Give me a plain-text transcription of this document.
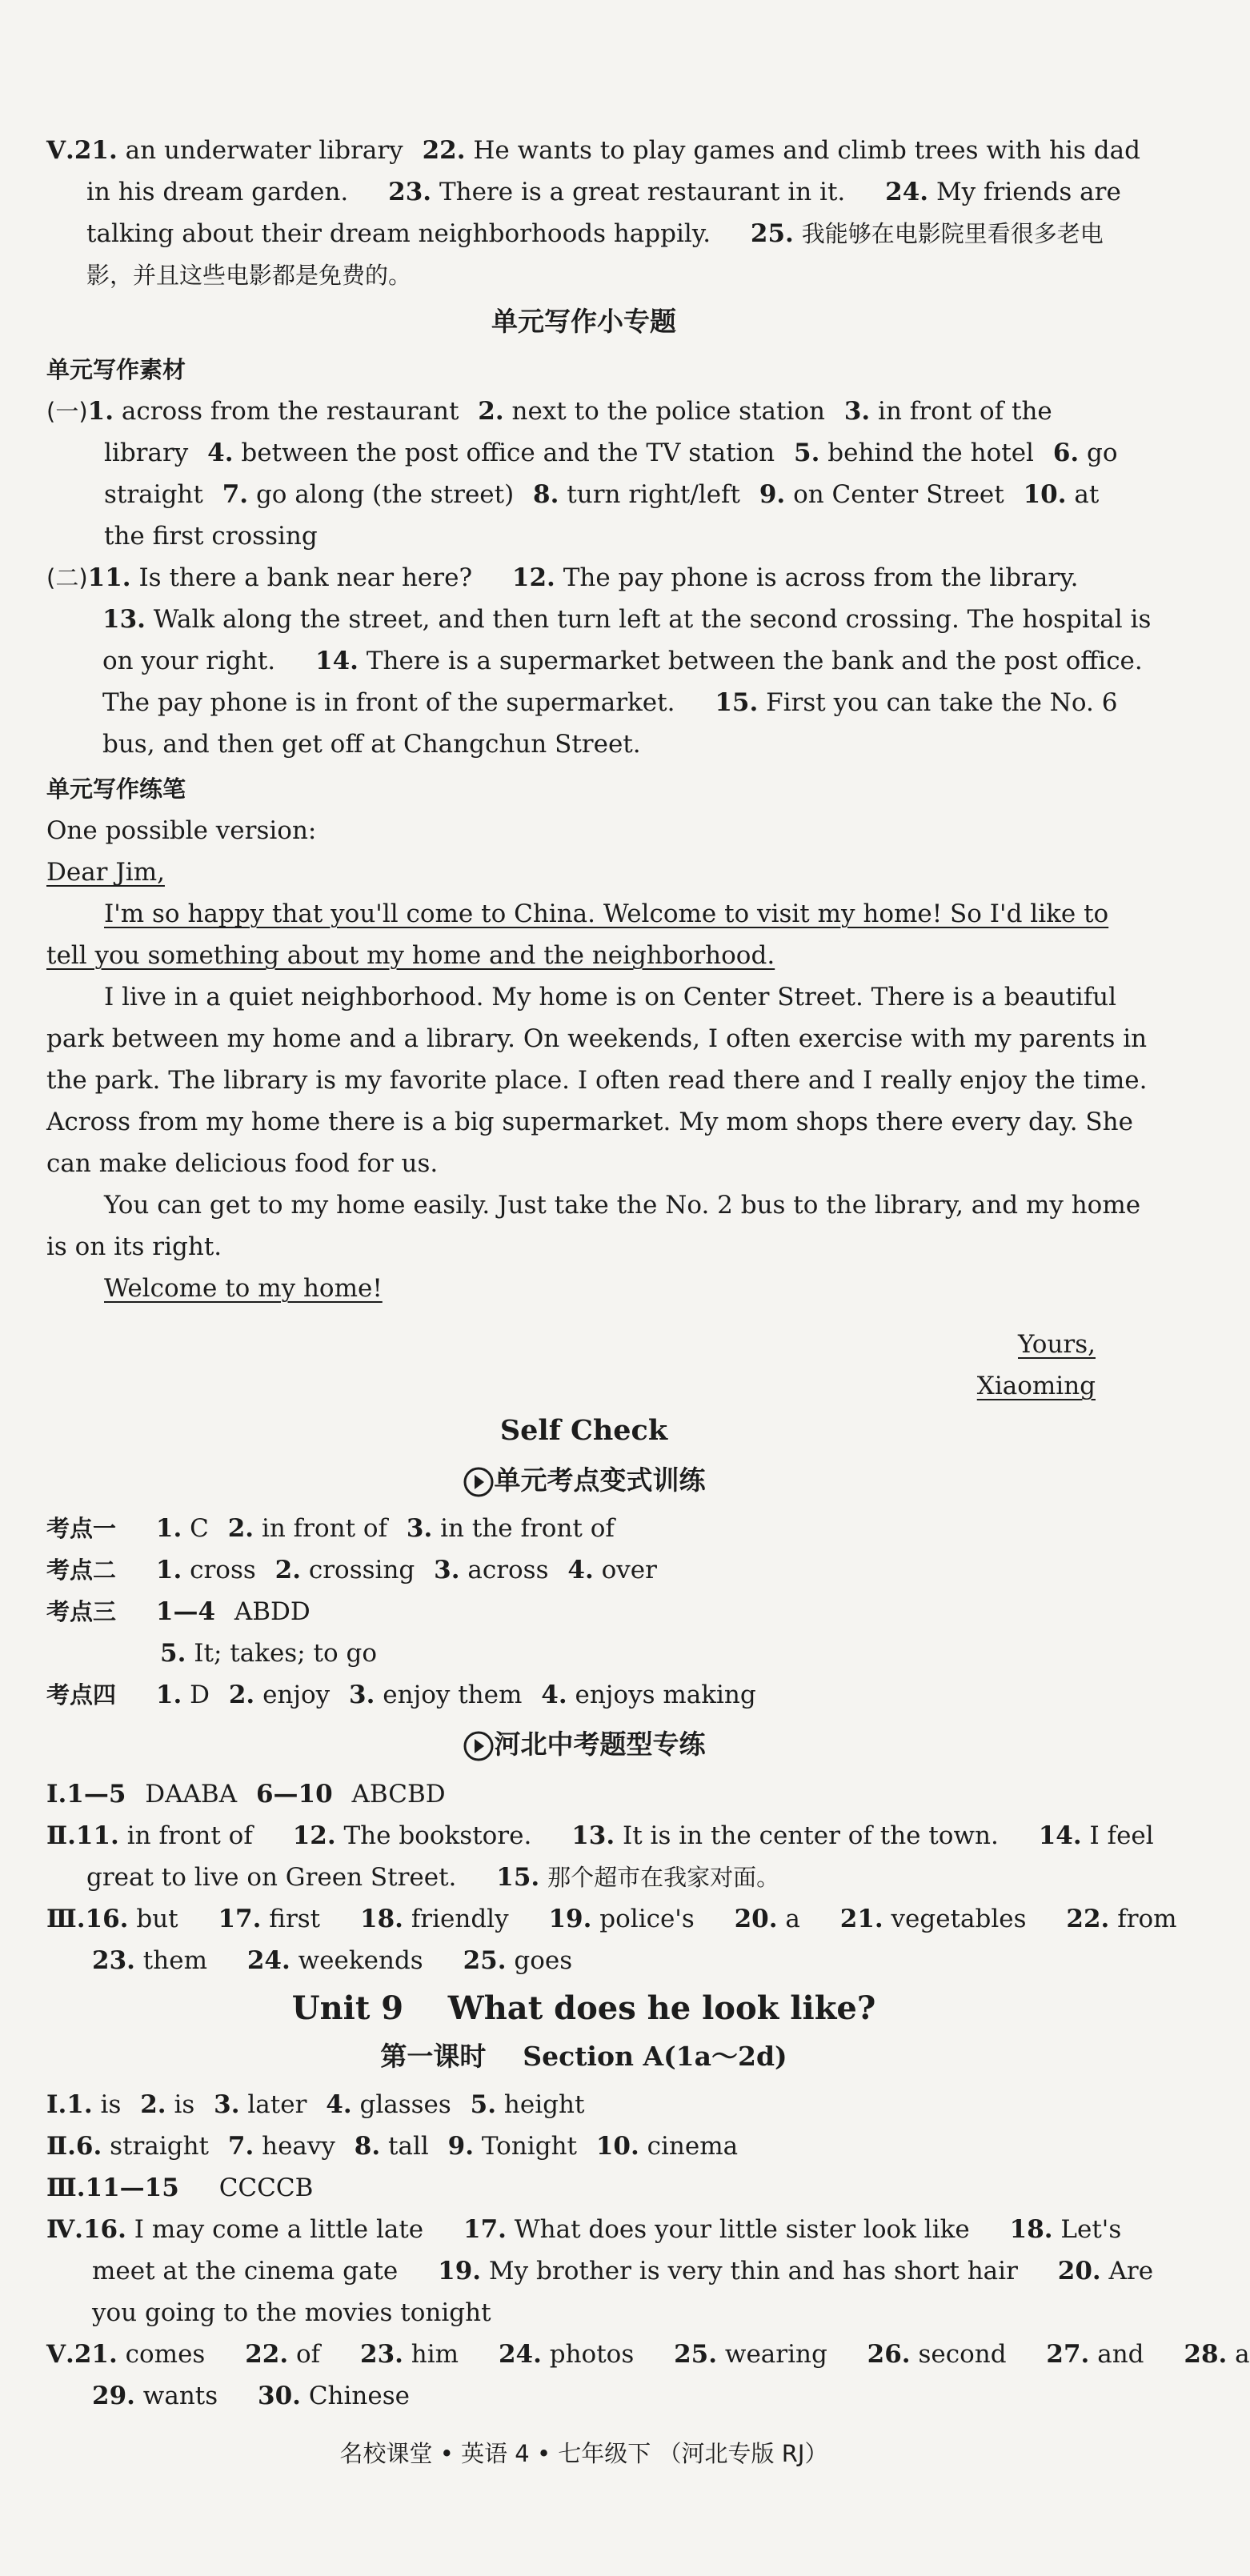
Ⅴ.21. an underwater library 22. He wants to play games and climb trees with his dad
in his dream garden. 23. There is a great restaurant in it. 24. My friends are
talking about their dream neighborhoods happily. 25. 我能够在电影院里看很多老电
影，并且这些电影都是免费的。
单元写作小专题
单元写作素材
(一)1. across from the restaurant 2. next to the police station 3. in front of the
library 4. between the post office and the TV station 5. behind the hotel 6. go
straight 7. go along (the street) 8. turn right/left 9. on Center Street 10. at
the first crossing
(二)11. Is there a bank near here? 12. The pay phone is across from the library.
13. Walk along the street, and then turn left at the second crossing. The hospital is
on your right. 14. There is a supermarket between the bank and the post office.
The pay phone is in front of the supermarket. 15. First you can take the No. 6
bus, and then get off at Changchun Street.
单元写作练笔
One possible version:
Dear Jim,
I'm so happy that you'll come to China. Welcome to visit my home! So I'd like to
tell you something about my home and the neighborhood.
I live in a quiet neighborhood. My home is on Center Street. There is a beautiful
park between my home and a library. On weekends, I often exercise with my parents in
the park. The library is my favorite place. I often read there and I really enjoy the time.
Across from my home there is a big supermarket. My mom shops there every day. She
can make delicious food for us.
You can get to my home easily. Just take the No. 2 bus to the library, and my home
is on its right.
Welcome to my home!
Yours,
Xiaoming
Self Check
单元考点变式训练
考点一 1. C 2. in front of 3. in the front of
考点二 1. cross 2. crossing 3. across 4. over
考点三 1—4 ABDD
5. It; takes; to go
考点四 1. D 2. enjoy 3. enjoy them 4. enjoys making
河北中考题型专练
Ⅰ.1—5 DAABA 6—10 ABCBD
Ⅱ.11. in front of 12. The bookstore. 13. It is in the center of the town. 14. I feel
great to live on Green Street. 15. 那个超市在我家对面。
Ⅲ.16. but 17. first 18. friendly 19. police's 20. a 21. vegetables 22. from
23. them 24. weekends 25. goes
Unit 9    What does he look like?
第一课时    Section A(1a～2d)
Ⅰ.1. is 2. is 3. later 4. glasses 5. height
Ⅱ.6. straight 7. heavy 8. tall 9. Tonight 10. cinema
Ⅲ.11—15 CCCCB
Ⅳ.16. I may come a little late 17. What does your little sister look like 18. Let's
meet at the cinema gate 19. My brother is very thin and has short hair 20. Are
you going to the movies tonight
Ⅴ.21. comes 22. of 23. him 24. photos 25. wearing 26. second 27. and 28. a
29. wants 30. Chinese
名校课堂 • 英语 4 • 七年级下 （河北专版 RJ）
